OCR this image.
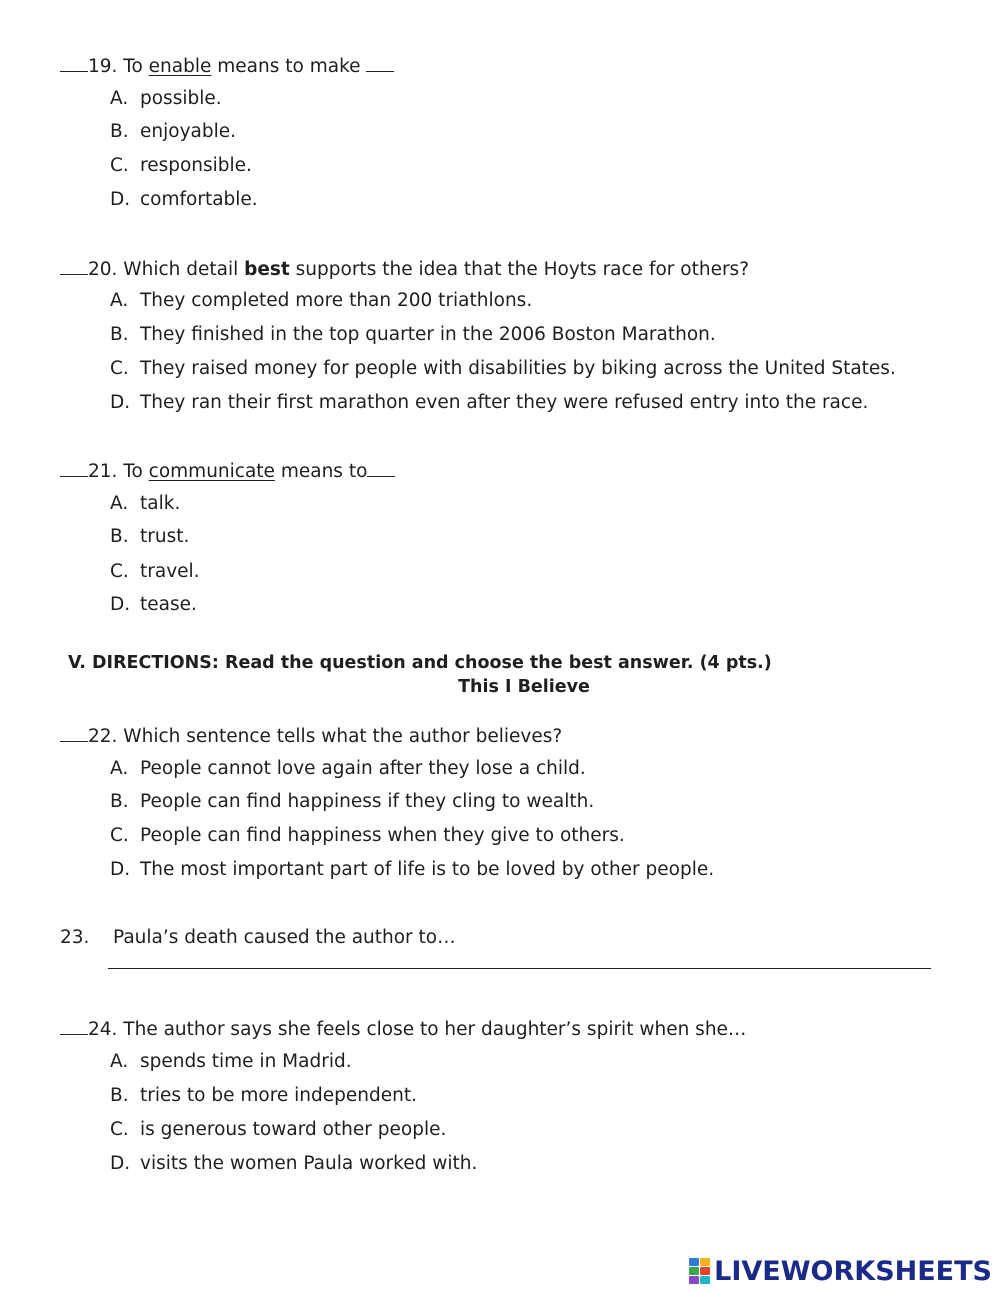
19. To enable means to make
A. possible.
B. enjoyable.
C. responsible.
D. comfortable.
20. Which detail best supports the idea that the Hoyts race for others?
A. They completed more than 200 triathlons.
B. They finished in the top quarter in the 2006 Boston Marathon.
C. They raised money for people with disabilities by biking across the United States.
D. They ran their first marathon even after they were refused entry into the race.
21. To communicate means to
A. talk.
B. trust.
C. travel.
D. tease.
V. DIRECTIONS: Read the question and choose the best answer. (4 pts.)
This I Believe
22. Which sentence tells what the author believes?
A. People cannot love again after they lose a child.
B. People can find happiness if they cling to wealth.
C. People can find happiness when they give to others.
D. The most important part of life is to be loved by other people.
23. Paula’s death caused the author to…
24. The author says she feels close to her daughter’s spirit when she…
A. spends time in Madrid.
B. tries to be more independent.
C. is generous toward other people.
D. visits the women Paula worked with.
LIVEWORKSHEETS
